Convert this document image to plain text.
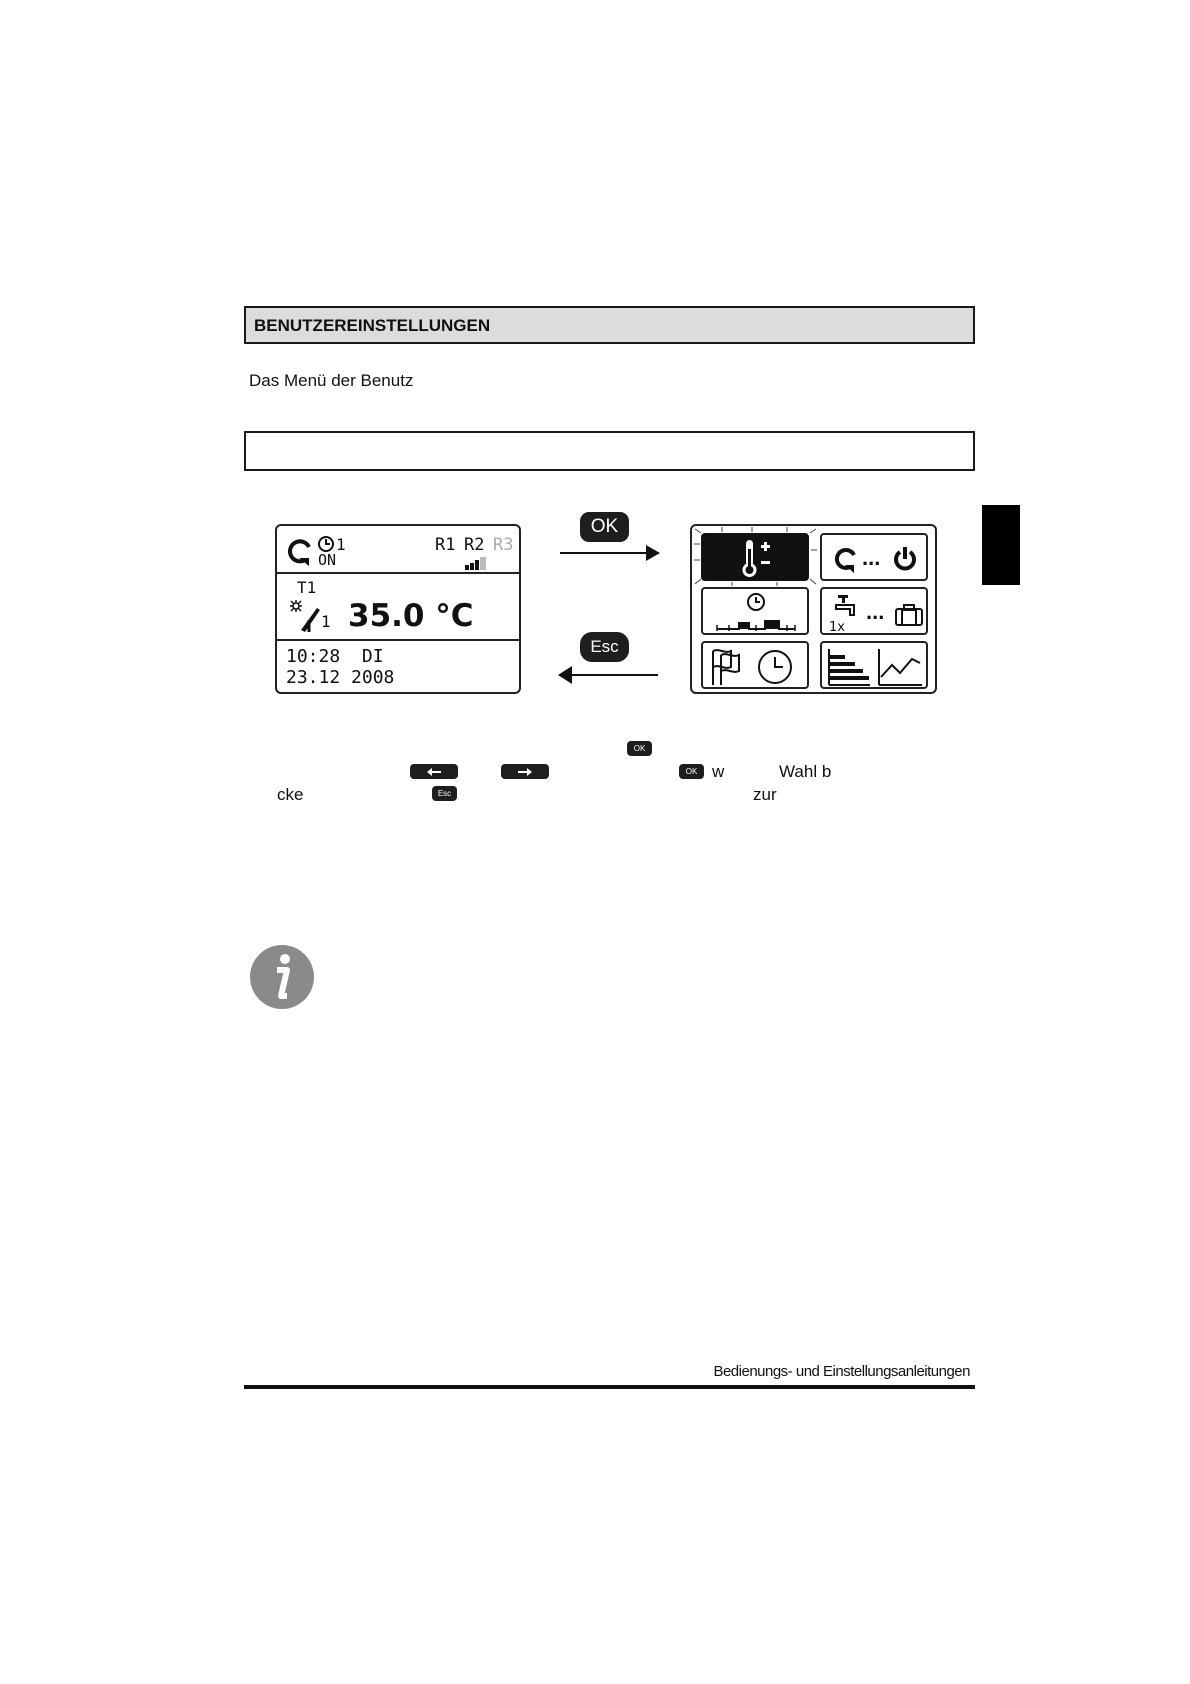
BENUTZEREINSTELLUNGEN
Das Menü der Benutz
1
ON
R1 R2 R3
T1
1 35.0 °C
10:28  DI
23.12 2008
OK
Esc
...
1x
...
OK
OK w	Wahl b
cke	Esc	zur
Bedienungs- und Einstellungsanleitungen
